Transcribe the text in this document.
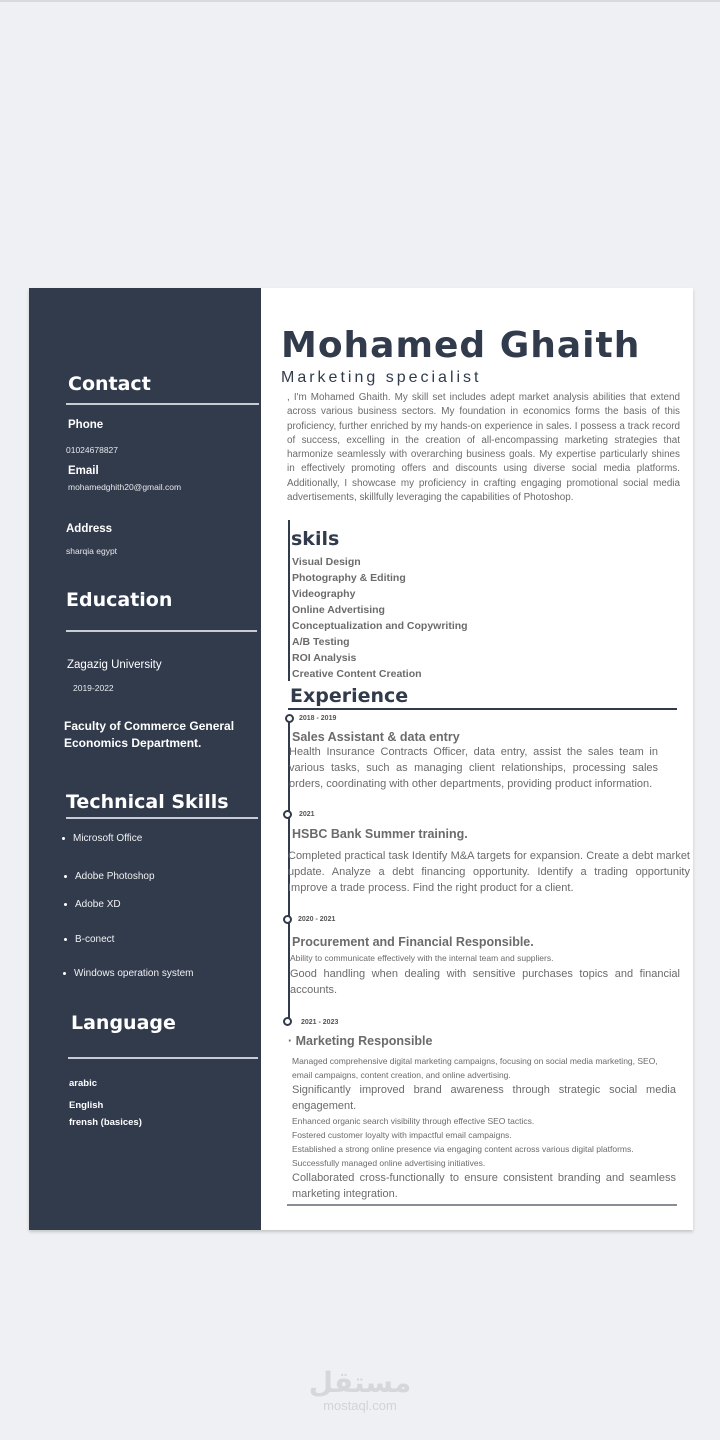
Contact
Phone
01024678827
Email
mohamedghith20@gmail.com
Address
sharqia egypt
Education
Zagazig University
2019-2022
Faculty of Commerce General
Economics Department.
Technical Skills
Microsoft Office
Adobe Photoshop
Adobe XD
B-conect
Windows operation system
Language
arabic
English
frensh (basices)
Mohamed Ghaith
Marketing specialist
, I'm Mohamed Ghaith. My skill set includes adept market analysis abilities that extend across various business sectors. My foundation in economics forms the basis of this proficiency, further enriched by my hands-on experience in sales. I possess a track record of success, excelling in the creation of all-encompassing marketing strategies that harmonize seamlessly with overarching business goals. My expertise particularly shines in effectively promoting offers and discounts using diverse social media platforms. Additionally, I showcase my proficiency in crafting engaging promotional social media advertisements, skillfully leveraging the capabilities of Photoshop.
skils
Visual Design
Photography & Editing
Videography
Online Advertising
Conceptualization and Copywriting
A/B Testing
ROI Analysis
Creative Content Creation
Experience
2018 - 2019
Sales Assistant & data entry
Health Insurance Contracts Officer, data entry, assist the sales team in various tasks, such as managing client relationships, processing sales orders, coordinating with other departments, providing product information.
2021
HSBC Bank Summer training.
Completed practical task Identify M&A targets for expansion. Create a debt market update. Analyze a debt financing opportunity. Identify a trading opportunity Improve a trade process. Find the right product for a client.
2020 - 2021
Procurement and Financial Responsible.
Ability to communicate effectively with the internal team and suppliers.
Good handling when dealing with sensitive purchases topics and financial accounts.
2021 - 2023
· Marketing Responsible
Managed comprehensive digital marketing campaigns, focusing on social media marketing, SEO, email campaigns, content creation, and online advertising.
Significantly improved brand awareness through strategic social media engagement.
Enhanced organic search visibility through effective SEO tactics.
Fostered customer loyalty with impactful email campaigns.
Established a strong online presence via engaging content across various digital platforms.
Successfully managed online advertising initiatives.
Collaborated cross-functionally to ensure consistent branding and seamless marketing integration.
مستقل
mostaql.com
